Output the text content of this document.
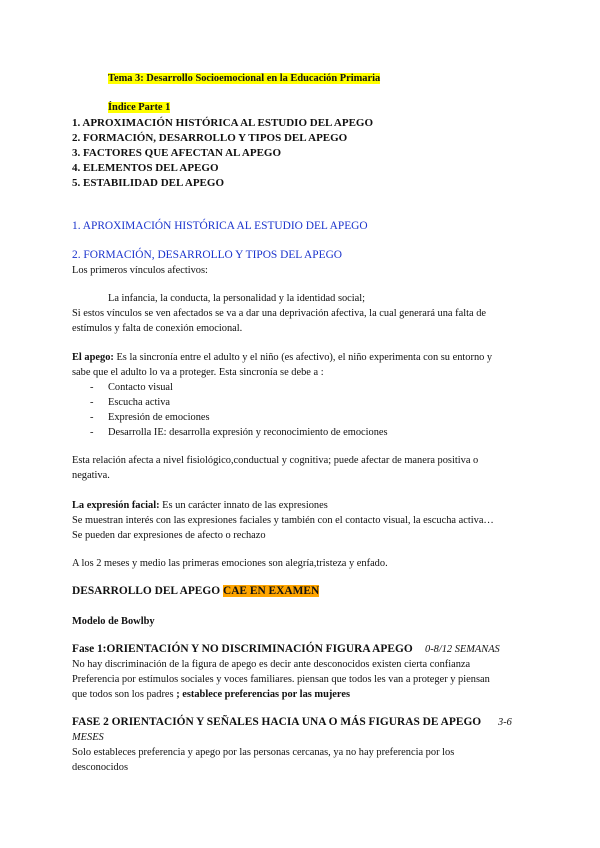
Tema 3: Desarrollo Socioemocional en la Educación Primaria
Índice Parte 1
1. APROXIMACIÓN HISTÓRICA AL ESTUDIO DEL APEGO
2. FORMACIÓN, DESARROLLO Y TIPOS DEL APEGO
3. FACTORES QUE AFECTAN AL APEGO
4. ELEMENTOS DEL APEGO
5. ESTABILIDAD DEL APEGO
1. APROXIMACIÓN HISTÓRICA AL ESTUDIO DEL APEGO
2. FORMACIÓN, DESARROLLO Y TIPOS DEL APEGO
Los primeros vínculos afectivos:
La infancia, la conducta, la personalidad y la identidad social;
Si estos vínculos se ven afectados se va a dar una deprivación afectiva, la cual generará una falta de
estímulos y falta de conexión emocional.
El apego: Es la sincronía entre el adulto y el niño (es afectivo), el niño experimenta con su entorno y
sabe que el adulto lo va a proteger. Esta sincronía se debe a :
- Contacto visual
- Escucha activa
- Expresión de emociones
- Desarrolla IE: desarrolla expresión y reconocimiento de emociones
Esta relación afecta a nivel fisiológico,conductual y cognitiva; puede afectar de manera positiva o
negativa.
La expresión facial: Es un carácter innato de las expresiones
Se muestran interés con las expresiones faciales y también con el contacto visual, la escucha activa…
Se pueden dar expresiones de afecto o rechazo
A los 2 meses y medio las primeras emociones son alegría,tristeza y enfado.
DESARROLLO DEL APEGO CAE EN EXAMEN
Modelo de Bowlby
Fase 1:ORIENTACIÓN Y NO DISCRIMINACIÓN FIGURA APEGO 0-8/12 SEMANAS
No hay discriminación de la figura de apego es decir ante desconocidos existen cierta confianza
Preferencia por estímulos sociales y voces familiares. piensan que todos les van a proteger y piensan
que todos son los padres ; establece preferencias por las mujeres
FASE 2 ORIENTACIÓN Y SEÑALES HACIA UNA O MÁS FIGURAS DE APEGO 3-6
MESES
Solo estableces preferencia y apego por las personas cercanas, ya no hay preferencia por los
desconocidos
